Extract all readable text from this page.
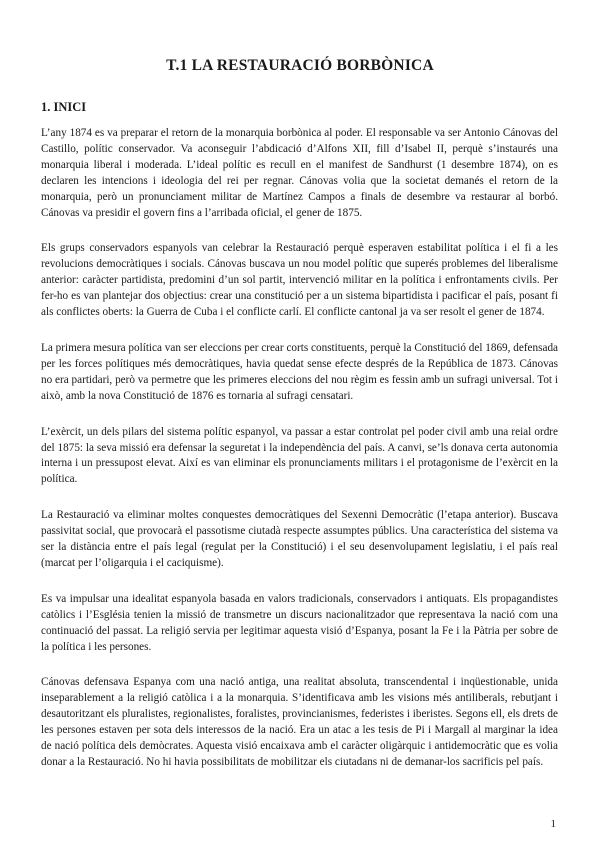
T.1 LA RESTAURACIÓ BORBÒNICA
1. INICI

L’any 1874 es va preparar el retorn de la monarquia borbònica al poder. El responsable va ser Antonio Cánovas del Castillo, polític conservador. Va aconseguir l’abdicació d’Alfons XII, fill d’Isabel II, perquè s’instaurés una monarquia liberal i moderada. L’ideal polític es recull en el manifest de Sandhurst (1 desembre 1874), on es declaren les intencions i ideologia del rei per regnar. Cánovas volia que la societat demanés el retorn de la monarquia, però un pronunciament militar de Martínez Campos a finals de desembre va restaurar al borbó. Cánovas va presidir el govern fins a l’arribada oficial, el gener de 1875.

Els grups conservadors espanyols van celebrar la Restauració perquè esperaven estabilitat política i el fi a les revolucions democràtiques i socials. Cánovas buscava un nou model polític que superés problemes del liberalisme anterior: caràcter partidista, predomini d’un sol partit, intervenció militar en la política i enfrontaments civils. Per fer-ho es van plantejar dos objectius: crear una constitució per a un sistema bipartidista i pacificar el país, posant fi als conflictes oberts: la Guerra de Cuba i el conflicte carlí. El conflicte cantonal ja va ser resolt el gener de 1874.

La primera mesura política van ser eleccions per crear corts constituents, perquè la Constitució del 1869, defensada per les forces polítiques més democràtiques, havia quedat sense efecte després de la República de 1873. Cánovas no era partidari, però va permetre que les primeres eleccions del nou règim es fessin amb un sufragi universal. Tot i això, amb la nova Constitució de 1876 es tornaria al sufragi censatari.

L’exèrcit, un dels pilars del sistema polític espanyol, va passar a estar controlat pel poder civil amb una reial ordre del 1875: la seva missió era defensar la seguretat i la independència del país. A canvi, se’ls donava certa autonomia interna i un pressupost elevat. Així es van eliminar els pronunciaments militars i el protagonisme de l’exèrcit en la política.

La Restauració va eliminar moltes conquestes democràtiques del Sexenni Democràtic (l’etapa anterior). Buscava passivitat social, que provocarà el passotisme ciutadà respecte assumptes públics. Una característica del sistema va ser la distància entre el país legal (regulat per la Constitució) i el seu desenvolupament legislatiu, i el país real (marcat per l’oligarquia i el caciquisme).

Es va impulsar una idealitat espanyola basada en valors tradicionals, conservadors i antiquats. Els propagandistes catòlics i l’Església tenien la missió de transmetre un discurs nacionalitzador que representava la nació com una continuació del passat. La religió servia per legitimar aquesta visió d’Espanya, posant la Fe i la Pàtria per sobre de la política i les persones.

Cánovas defensava Espanya com una nació antiga, una realitat absoluta, transcendental i inqüestionable, unida inseparablement a la religió catòlica i a la monarquia. S’identificava amb les visions més antiliberals, rebutjant i desautoritzant els pluralistes, regionalistes, foralistes, provincianismes, federistes i iberistes. Segons ell, els drets de les persones estaven per sota dels interessos de la nació. Era un atac a les tesis de Pi i Margall al marginar la idea de nació política dels demòcrates. Aquesta visió encaixava amb el caràcter oligàrquic i antidemocràtic que es volia donar a la Restauració. No hi havia possibilitats de mobilitzar els ciutadans ni de demanar-los sacrificis pel país.

1
